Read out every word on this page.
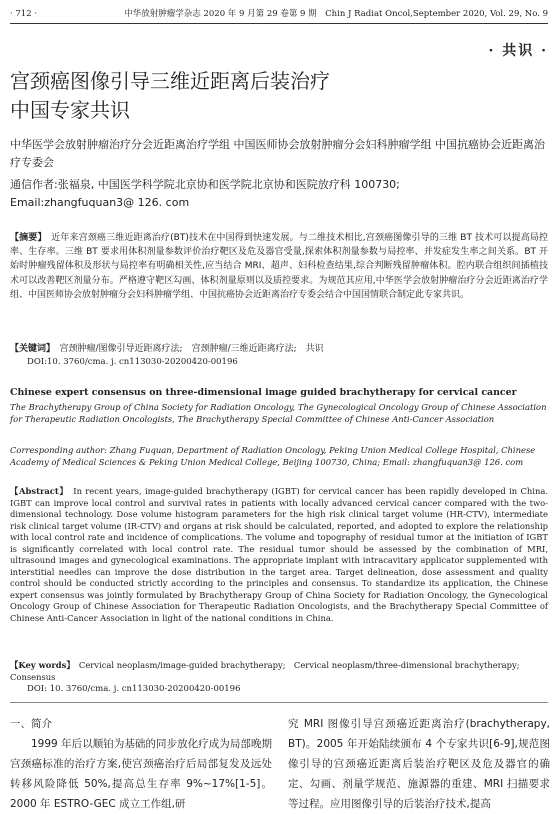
· 712 ·	中华放射肿瘤学杂志 2020 年 9 月第 29 卷第 9 期　Chin J Radiat Oncol,September 2020, Vol. 29, No. 9
· 共识 ·
宫颈癌图像引导三维近距离后装治疗
中国专家共识
中华医学会放射肿瘤治疗分会近距离治疗学组 中国医师协会放射肿瘤分会妇科肿瘤学组 中国抗癌协会近距离治疗专委会
通信作者:张福泉, 中国医学科学院北京协和医学院北京协和医院放疗科 100730;
Email:zhangfuquan3@ 126. com
【摘要】　近年来宫颈癌三维近距离治疗(BT)技术在中国得到快速发展。与二维技术相比,宫颈癌图像引导的三维 BT 技术可以提高局控率、生存率。三维 BT 要求用体积剂量参数评价治疗靶区及危及器官受量,探索体积剂量参数与局控率、并发症发生率之间关系。BT 开始时肿瘤残留体积及形状与局控率有明确相关性,应当结合 MRI、超声、妇科检查结果,综合判断残留肿瘤体积。腔内联合组织间插植技术可以改善靶区剂量分布。严格遵守靶区勾画、体积剂量原则以及质控要求。为规范其应用,中华医学会放射肿瘤治疗分会近距离治疗学组、中国医师协会放射肿瘤分会妇科肿瘤学组、中国抗癌协会近距离治疗专委会结合中国国情联合制定此专家共识。
【关键词】　宫颈肿瘤/图像引导近距离疗法;　宫颈肿瘤/三维近距离疗法;　共识
DOI:10. 3760/cma. j. cn113030-20200420-00196
Chinese expert consensus on three-dimensional image guided brachytherapy for cervical cancer
The Brachytherapy Group of China Society for Radiation Oncology, The Gynecological Oncology Group of Chinese Association for Therapeutic Radiation Oncologists, The Brachytherapy Special Committee of Chinese Anti-Cancer Association
Corresponding author: Zhang Fuquan, Department of Radiation Oncology, Peking Union Medical College Hospital, Chinese Academy of Medical Sciences & Peking Union Medical College, Beijing 100730, China; Email: zhangfuquan3@ 126. com
【Abstract】　In recent years, image-guided brachytherapy (IGBT) for cervical cancer has been rapidly developed in China. IGBT can improve local control and survival rates in patients with locally advanced cervical cancer compared with the two-dimensional technology. Dose volume histogram parameters for the high risk clinical target volume (HR-CTV), intermediate risk clinical target volume (IR-CTV) and organs at risk should be calculated, reported, and adopted to explore the relationship with local control rate and incidence of complications. The volume and topography of residual tumor at the initiation of IGBT is significantly correlated with local control rate. The residual tumor should be assessed by the combination of MRI, ultrasound images and gynecological examinations. The appropriate implant with intracavitary applicator supplemented with interstitial needles can improve the dose distribution in the target area. Target delineation, dose assessment and quality control should be conducted strictly according to the principles and consensus. To standardize its application, the Chinese expert consensus was jointly formulated by Brachytherapy Group of China Society for Radiation Oncology, the Gynecological Oncology Group of Chinese Association for Therapeutic Radiation Oncologists, and the Brachytherapy Special Committee of Chinese Anti-Cancer Association in light of the national conditions in China.
【Key words】　Cervical neoplasm/image-guided brachytherapy;　Cervical neoplasm/three-dimensional brachytherapy;　Consensus
DOI: 10. 3760/cma. j. cn113030-20200420-00196
一、简介
1999 年后以顺铂为基础的同步放化疗成为局部晚期宫颈癌标准的治疗方案,使宫颈癌治疗后局部复发及远处转移风险降低 50%,提高总生存率 9%~17%[1-5]。2000 年 ESTRO-GEC 成立工作组,研
究 MRI 图像引导宫颈癌近距离治疗(brachytherapy, BT)。2005 年开始陆续颁布 4 个专家共识[6-9],规范图像引导的宫颈癌近距离后装治疗靶区及危及器官的确定、勾画、剂量学规范、施源器的重建、MRI 扫描要求等过程。应用图像引导的后装治疗技术,提高
